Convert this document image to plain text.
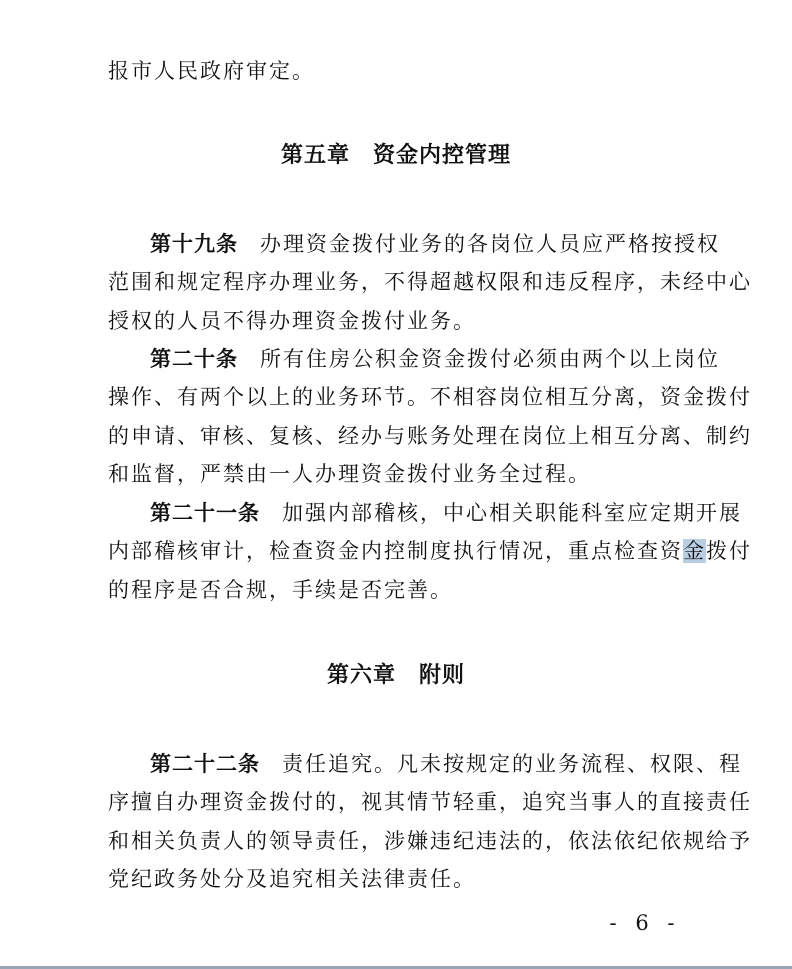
报市人民政府审定。
第五章　资金内控管理
第十九条 办理资金拨付业务的各岗位人员应严格按授权
范围和规定程序办理业务，不得超越权限和违反程序，未经中心
授权的人员不得办理资金拨付业务。
第二十条 所有住房公积金资金拨付必须由两个以上岗位
操作、有两个以上的业务环节。不相容岗位相互分离，资金拨付
的申请、审核、复核、经办与账务处理在岗位上相互分离、制约
和监督，严禁由一人办理资金拨付业务全过程。
第二十一条 加强内部稽核，中心相关职能科室应定期开展
内部稽核审计，检查资金内控制度执行情况，重点检查资金拨付
的程序是否合规，手续是否完善。
第六章　附则
第二十二条 责任追究。凡未按规定的业务流程、权限、程
序擅自办理资金拨付的，视其情节轻重，追究当事人的直接责任
和相关负责人的领导责任，涉嫌违纪违法的，依法依纪依规给予
党纪政务处分及追究相关法律责任。
- 6 -
